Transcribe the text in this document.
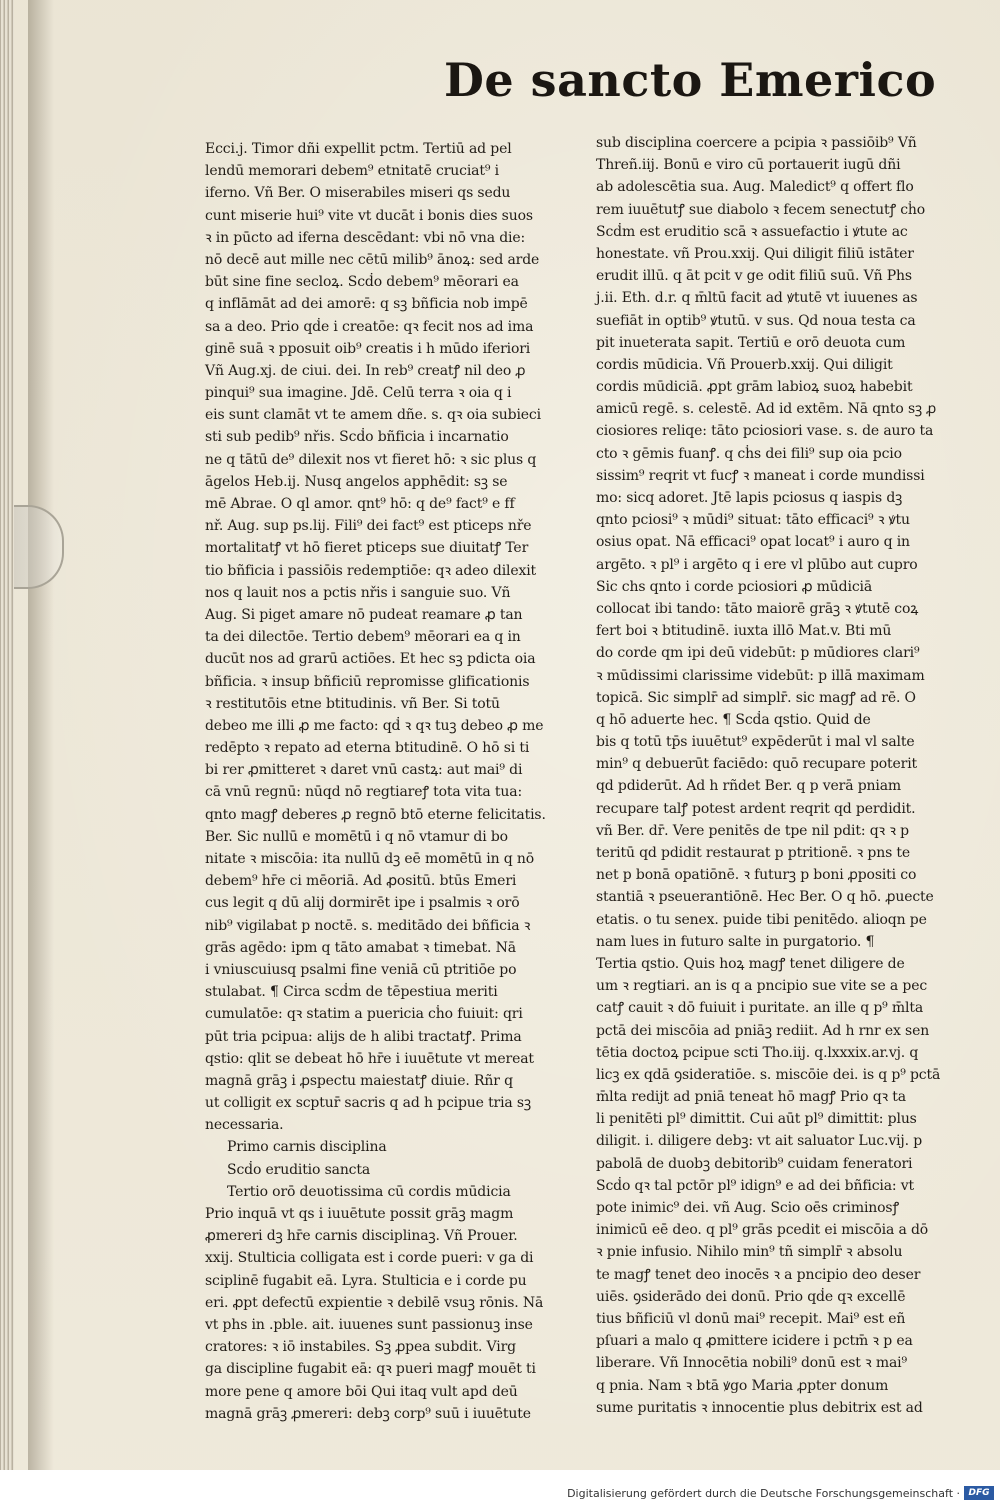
De sancto Emerico
Ecci.j. Timor dñi expellit pctm. Tertiū ad pel
lendū memorari debem⁹ etnitatē cruciat⁹ i
iferno. Vñ Ber. O miserabiles miseri qs sedu
cunt miserie hui⁹ vite vt ducāt i bonis dies suos
ꝛ in pūcto ad iferna descēdant: vbi nō vna die:
nō decē aut mille nec cētū milib⁹ ānoꝝ: sed arde
būt sine fine secloꝝ. Scḋo debem⁹ mēorari ea
q inflāmāt ad dei amorē: q sꝫ bñficia nob impē
sa a deo. Prio qḋe i creatōe: qꝛ fecit nos ad ima
ginē suā ꝛ pposuit oib⁹ creatis i h mūdo iferiori
Vñ Aug.xj. de ciui. dei. In reb⁹ creatꝭ nil deo ꝓ
pinqui⁹ sua imagine. Jdē. Celū terra ꝛ oia q i
eis sunt clamāt vt te amem dñe. s. qꝛ oia subieci
sti sub pedib⁹ nřis. Scḋo bñficia i incarnatio
ne q tātū de⁹ dilexit nos vt fieret hō: ꝛ sic plus q
āgelos Heb.ij. Nusq angelos apphēdit: sꝫ se
mē Abrae. O ql amor. qnt⁹ hō: q de⁹ fact⁹ e ff
nř. Aug. sup ps.lij. Fili⁹ dei fact⁹ est pticeps nře
mortalitatꝭ vt hō fieret pticeps sue diuitatꝭ Ter
tio bñficia i passiōis redemptiōe: qꝛ adeo dilexit
nos q lauit nos a pctis nřis i sanguie suo. Vñ
Aug. Si piget amare nō pudeat reamare ꝓ tan
ta dei dilectōe. Tertio debem⁹ mēorari ea q in
ducūt nos ad grarū actiōes. Et hec sꝫ pdicta oia
bñficia. ꝛ insup bñficiū repromisse glificationis
ꝛ restitutōis etne btitudinis. vñ Ber. Si totū
debeo me illi ꝓ me facto: qḋ ꝛ qꝛ tuꝫ debeo ꝓ me
redēpto ꝛ repato ad eterna btitudinē. O hō si ti
bi rer ꝓmitteret ꝛ daret vnū castꝝ: aut mai⁹ di
cā vnū regnū: nūqd nō regtiareꝭ tota vita tua:
qnto magꝭ deberes ꝓ regnō btō eterne felicitatis.
Ber. Sic nullū e momētū i q nō vtamur di bo
nitate ꝛ miscōia: ita nullū dꝫ eē momētū in q nō
debem⁹ hr̄e ci mēoriā. Ad ꝓositū. btūs Emeri
cus legit q dū alij dormirēt ipe i psalmis ꝛ orō
nib⁹ vigilabat p noctē. s. meditādo dei bñficia ꝛ
grās agēdo: ipm q tāto amabat ꝛ timebat. Nā
i vniuscuiusq psalmi fine veniā cū ptritiōe po
stulabat. ¶ Circa scḋm de tēpestiua meriti
cumulatōe: qꝛ statim a puericia cḣo fuiuit: qri
pūt tria pcipua: alijs de h alibi tractatꝭ. Prima
qstio: qlit se debeat hō hr̄e i iuuētute vt mereat
magnā grāꝫ i ꝓspectu maiestatꝭ diuie. Rñr q
ut colligit ex scptur̄ sacris q ad h pcipue tria sꝫ
necessaria.
Primo carnis disciplina
Scḋo eruditio sancta
Tertio orō deuotissima cū cordis mūdicia
Prio inquā vt qs i iuuētute possit grāꝫ magm
ꝓmereri dꝫ hr̄e carnis disciplinaꝫ. Vñ Prouer.
xxij. Stulticia colligata est i corde pueri: v ga di
sciplinē fugabit eā. Lyra. Stulticia e i corde pu
eri. ꝓpt defectū expientie ꝛ debilē vsuꝫ rōnis. Nā
vt phs in .pble. ait. iuuenes sunt passionuꝫ inse
cratores: ꝛ iō instabiles. Sꝫ ꝓpea subdit. Virg
ga discipline fugabit eā: qꝛ pueri magꝭ mouēt ti
more pene q amore bōi Qui itaq vult apd deū
magnā grāꝫ ꝓmereri: debꝫ corp⁹ suū i iuuētute
sub disciplina coercere a pcipia ꝛ passiōib⁹ Vñ
Threñ.iij. Bonū e viro cū portauerit iugū dñi
ab adolescētia sua. Aug. Maledict⁹ q offert flo
rem iuuētutꝭ sue diabolo ꝛ fecem senectutꝭ cḣo
Scḋm est eruditio scā ꝛ assuefactio i ꝟtute ac
honestate. vñ Prou.xxij. Qui diligit filiū istāter
erudit illū. q āt pcit v ge odit filiū suū. Vñ Phs
j.ii. Eth. d.r. q m̄ltū facit ad ꝟtutē vt iuuenes as
suefiāt in optib⁹ ꝟtutū. v sus. Qd noua testa ca
pit inueterata sapit. Tertiū e orō deuota cum
cordis mūdicia. Vñ Prouerb.xxij. Qui diligit
cordis mūdiciā. ꝓpt grām labioꝝ suoꝝ habebit
amicū regē. s. celestē. Ad id extēm. Nā qnto sꝫ ꝓ
ciosiores reliqe: tāto pciosiori vase. s. de auro ta
cto ꝛ gēmis fuanꝭ. q cḣs dei fili⁹ sup oia pcio
sissim⁹ reqrit vt fucꝭ ꝛ maneat i corde mundissi
mo: sicq adoret. Jtē lapis pciosus q iaspis dꝫ
qnto pciosi⁹ ꝛ mūdi⁹ situat: tāto efficaci⁹ ꝛ ꝟtu
osius opat. Nā efficaci⁹ opat locat⁹ i auro q in
argēto. ꝛ pl⁹ i argēto q i ere vl plūbo aut cupro
Sic chs qnto i corde pciosiori ꝓ mūdiciā
collocat ibi tando: tāto maiorē grāꝫ ꝛ ꝟtutē coꝝ
fert boi ꝛ btitudinē. iuxta illō Mat.v. Bti mū
do corde qm ipi deū videbūt: p mūdiores clari⁹
ꝛ mūdissimi clarissime videbūt: p illā maximam
topicā. Sic simplr̄ ad simplr̄. sic magꝭ ad rē. O
q hō aduerte hec. ¶ Scḋa qstio. Quid de
bis q totū tp̄s iuuētut⁹ expēderūt i mal vl salte
min⁹ q debuerūt faciēdo: quō recupare poterit
qd pdiderūt. Ad h rñdet Ber. q p verā pniam
recupare talꝭ potest ardent reqrit qd perdidit.
vñ Ber. dr̄. Vere penitēs de tpe nil pdit: qꝛ ꝛ p
teritū qd pdidit restaurat p ptritionē. ꝛ pns te
net p bonā opatiōnē. ꝛ futurꝫ p boni ꝓpositi co
stantiā ꝛ pseuerantiōnē. Hec Ber. O q hō. ꝓuecte
etatis. o tu senex. puide tibi penitēdo. alioqn pe
nam lues in futuro salte in purgatorio. ¶
Tertia qstio. Quis hoꝝ magꝭ tenet diligere de
um ꝛ regtiari. an is q a pncipio sue vite se a pec
catꝭ cauit ꝛ dō fuiuit i puritate. an ille q p⁹ m̄lta
pctā dei miscōia ad pniāꝫ rediit. Ad h rnr ex sen
tētia doctoꝝ pcipue scti Tho.iij. q.lxxxix.ar.vj. q
licꝫ ex qdā ꝯsideratiōe. s. miscōie dei. is q p⁹ pctā
m̄lta redijt ad pniā teneat hō magꝭ Prio qꝛ ta
li penitēti pl⁹ dimittit. Cui aūt pl⁹ dimittit: plus
diligit. i. diligere debꝫ: vt ait saluator Luc.vij. p
pabolā de duobꝫ debitorib⁹ cuidam feneratori
Scḋo qꝛ tal pctōr pl⁹ idign⁹ e ad dei bñficia: vt
pote inimic⁹ dei. vñ Aug. Scio oēs criminosꝭ
inimicū eē deo. q pl⁹ grās pcedit ei miscōia a dō
ꝛ pnie infusio. Nihilo min⁹ tñ simplr̄ ꝛ absolu
te magꝭ tenet deo inocēs ꝛ a pncipio deo deser
uiēs. ꝯsiderādo dei donū. Prio qḋe qꝛ excellē
tius bñficiū vl donū mai⁹ recepit. Mai⁹ est eñ
pſuari a malo q ꝓmittere icidere i pctm̄ ꝛ p ea
liberare. Vñ Innocētia nobili⁹ donū est ꝛ mai⁹
q pnia. Nam ꝛ btā ꝟgo Maria ꝓpter donum
sume puritatis ꝛ innocentie plus debitrix est ad
Digitalisierung gefördert durch die Deutsche Forschungsgemeinschaft · DFG
